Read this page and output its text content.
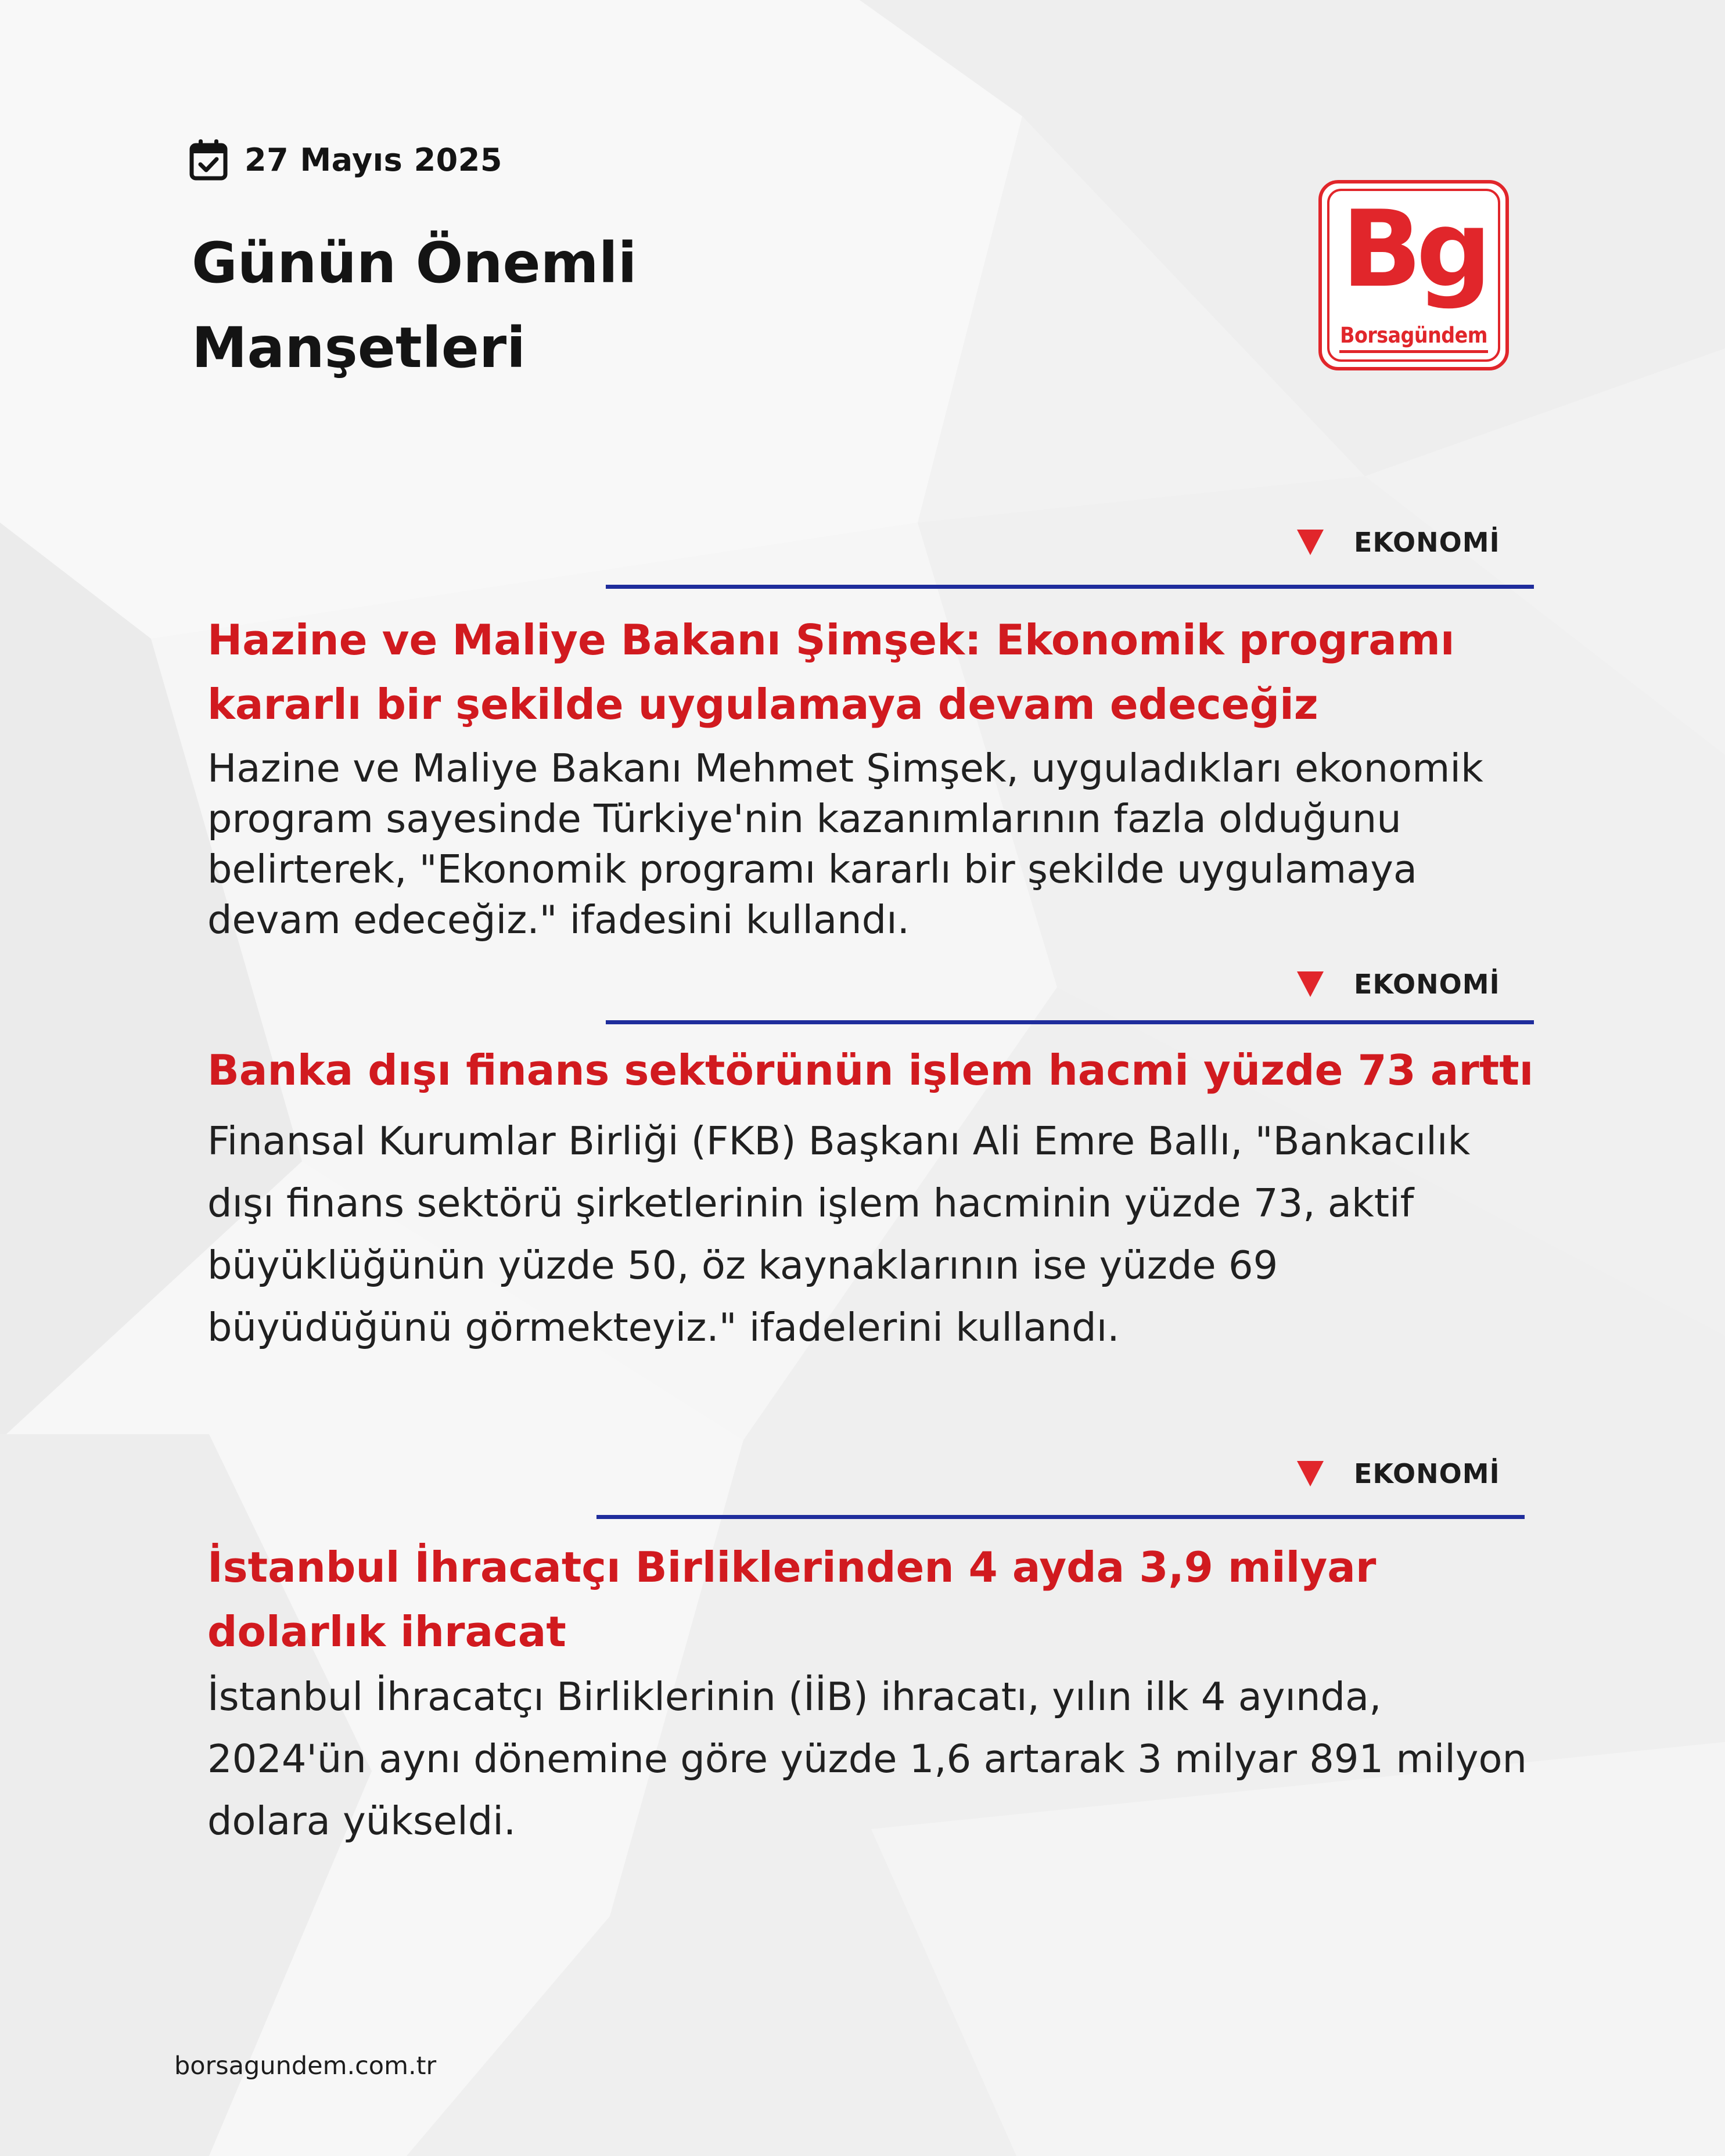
27 Mayıs 2025
Günün Önemli
Manşetleri
Bg
Borsagündem
EKONOMİ
Hazine ve Maliye Bakanı Şimşek: Ekonomik programı kararlı bir şekilde uygulamaya devam edeceğiz

Hazine ve Maliye Bakanı Mehmet Şimşek, uyguladıkları ekonomik program sayesinde Türkiye'nin kazanımlarının fazla olduğunu belirterek, "Ekonomik programı kararlı bir şekilde uygulamaya devam edeceğiz." ifadesini kullandı.

EKONOMİ
Banka dışı finans sektörünün işlem hacmi yüzde 73 arttı

Finansal Kurumlar Birliği (FKB) Başkanı Ali Emre Ballı, "Bankacılık dışı finans sektörü şirketlerinin işlem hacminin yüzde 73, aktif büyüklüğünün yüzde 50, öz kaynaklarının ise yüzde 69 büyüdüğünü görmekteyiz." ifadelerini kullandı.

EKONOMİ
İstanbul İhracatçı Birliklerinden 4 ayda 3,9 milyar dolarlık ihracat

İstanbul İhracatçı Birliklerinin (İİB) ihracatı, yılın ilk 4 ayında, 2024'ün aynı dönemine göre yüzde 1,6 artarak 3 milyar 891 milyon dolara yükseldi.

borsagundem.com.tr
